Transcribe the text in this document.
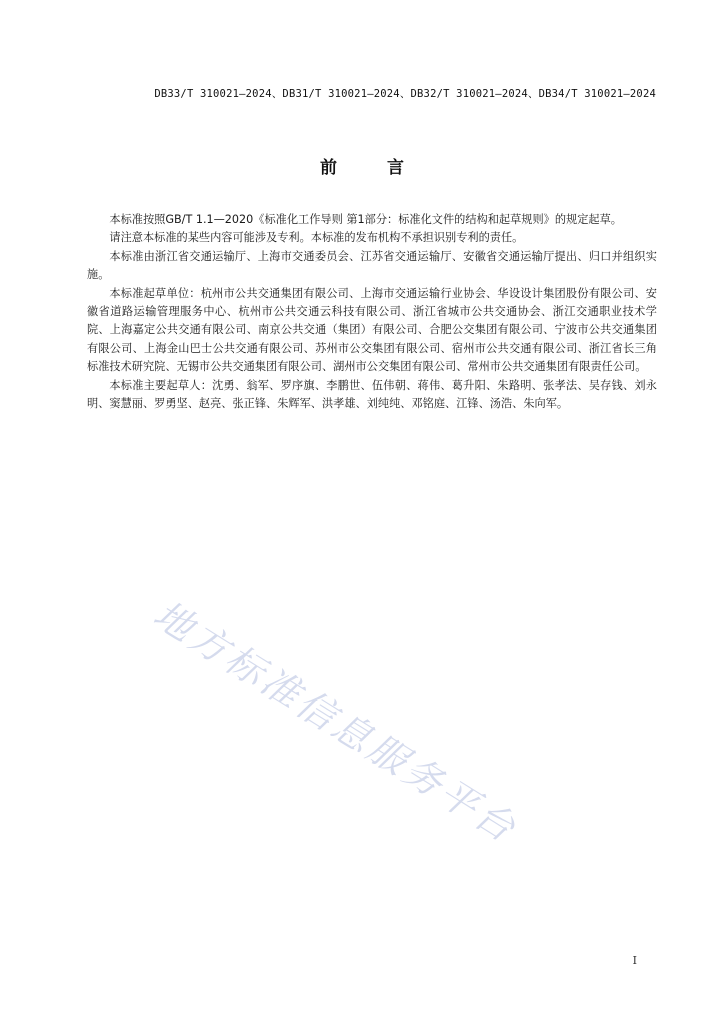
DB33/T 310021—2024、DB31/T 310021—2024、DB32/T 310021—2024、DB34/T 310021—2024
前 言

本标准按照GB/T 1.1—2020《标准化工作导则 第1部分：标准化文件的结构和起草规则》的规定起草。

请注意本标准的某些内容可能涉及专利。本标准的发布机构不承担识别专利的责任。

本标准由浙江省交通运输厅、上海市交通委员会、江苏省交通运输厅、安徽省交通运输厅提出、归口并组织实施。

本标准起草单位：杭州市公共交通集团有限公司、上海市交通运输行业协会、华设设计集团股份有限公司、安徽省道路运输管理服务中心、杭州市公共交通云科技有限公司、浙江省城市公共交通协会、浙江交通职业技术学院、上海嘉定公共交通有限公司、南京公共交通（集团）有限公司、合肥公交集团有限公司、宁波市公共交通集团有限公司、上海金山巴士公共交通有限公司、苏州市公交集团有限公司、宿州市公共交通有限公司、浙江省长三角标准技术研究院、无锡市公共交通集团有限公司、湖州市公交集团有限公司、常州市公共交通集团有限责任公司。

本标准主要起草人：沈勇、翁军、罗序旗、李鹏世、伍伟朝、蒋伟、葛升阳、朱路明、张孝法、吴存钱、刘永明、窦慧丽、罗勇坚、赵亮、张正锋、朱辉军、洪孝雄、刘纯纯、邓铭庭、江锋、汤浩、朱向军。

地方标准信息服务平台
I
